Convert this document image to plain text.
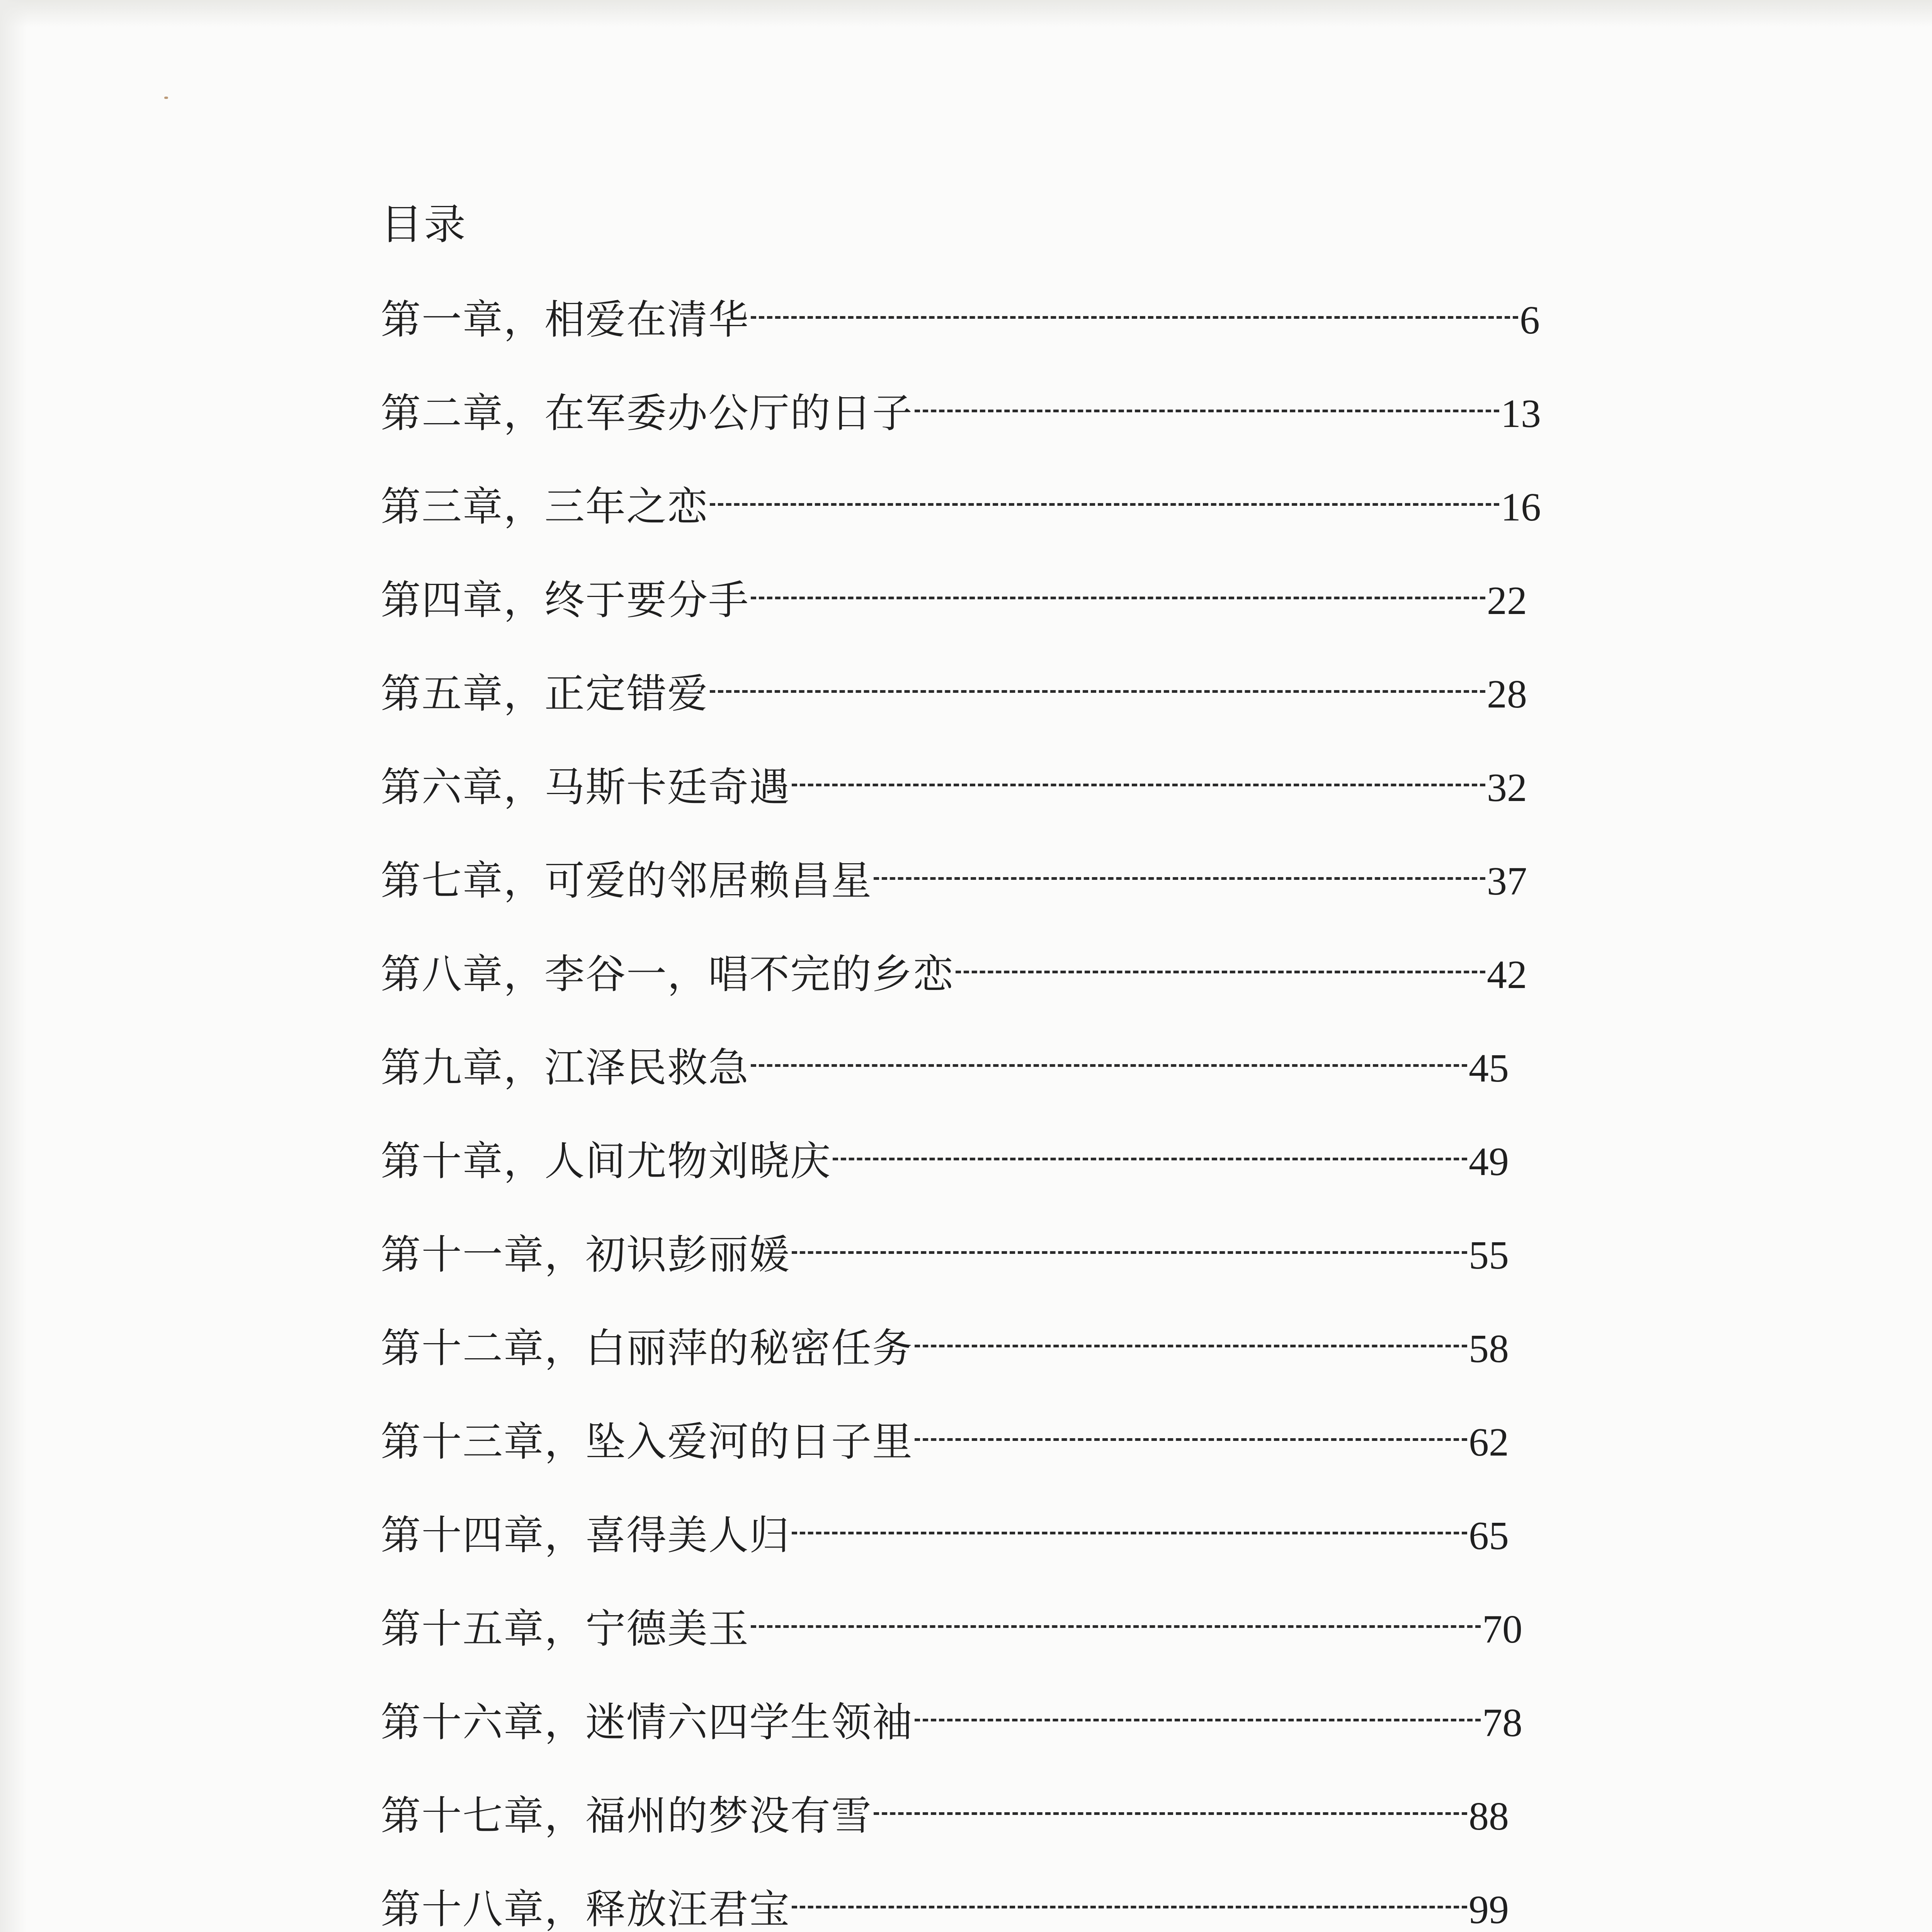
目录
第一章，相爱在清华	6
第二章，在军委办公厅的日子	13
第三章，三年之恋	16
第四章，终于要分手	22
第五章，正定错爱	28
第六章，马斯卡廷奇遇	32
第七章，可爱的邻居赖昌星	37
第八章，李谷一，唱不完的乡恋	42
第九章，江泽民救急	45
第十章，人间尤物刘晓庆	49
第十一章，初识彭丽媛	55
第十二章，白丽萍的秘密任务	58
第十三章，坠入爱河的日子里	62
第十四章，喜得美人归	65
第十五章，宁德美玉	70
第十六章，迷情六四学生领袖	78
第十七章，福州的梦没有雪	88
第十八章，释放汪君宝	99
